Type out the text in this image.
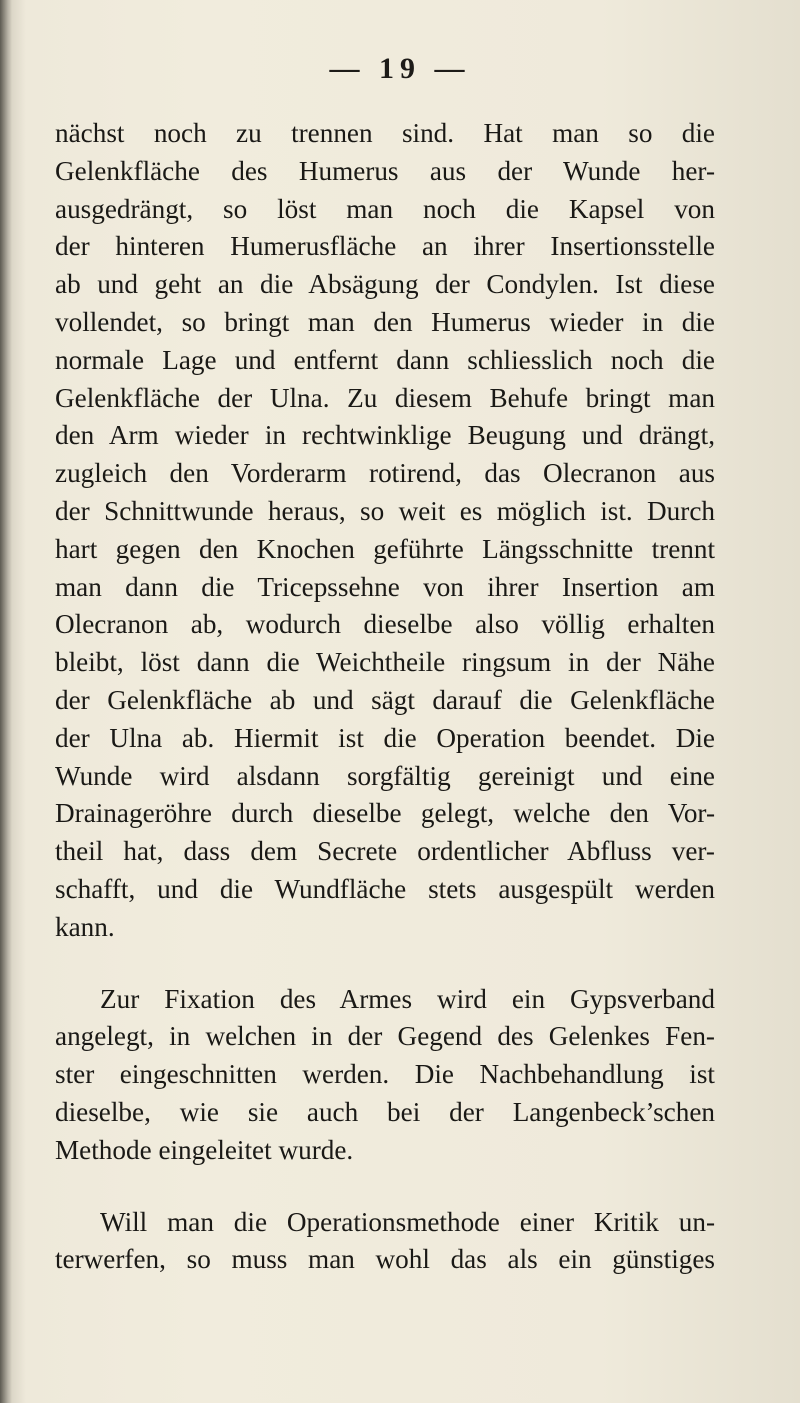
— 19 —
nächst noch zu trennen sind. Hat man so die
Gelenkfläche des Humerus aus der Wunde her-
ausgedrängt, so löst man noch die Kapsel von
der hinteren Humerusfläche an ihrer Insertionsstelle
ab und geht an die Absägung der Condylen. Ist diese
vollendet, so bringt man den Humerus wieder in die
normale Lage und entfernt dann schliesslich noch die
Gelenkfläche der Ulna. Zu diesem Behufe bringt man
den Arm wieder in rechtwinklige Beugung und drängt,
zugleich den Vorderarm rotirend, das Olecranon aus
der Schnittwunde heraus, so weit es möglich ist. Durch
hart gegen den Knochen geführte Längsschnitte trennt
man dann die Tricepssehne von ihrer Insertion am
Olecranon ab, wodurch dieselbe also völlig erhalten
bleibt, löst dann die Weichtheile ringsum in der Nähe
der Gelenkfläche ab und sägt darauf die Gelenkfläche
der Ulna ab. Hiermit ist die Operation beendet. Die
Wunde wird alsdann sorgfältig gereinigt und eine
Drainageröhre durch dieselbe gelegt, welche den Vor-
theil hat, dass dem Secrete ordentlicher Abfluss ver-
schafft, und die Wundfläche stets ausgespült werden
kann.
Zur Fixation des Armes wird ein Gypsverband
angelegt, in welchen in der Gegend des Gelenkes Fen-
ster eingeschnitten werden. Die Nachbehandlung ist
dieselbe, wie sie auch bei der Langenbeck’schen
Methode eingeleitet wurde.
Will man die Operationsmethode einer Kritik un-
terwerfen, so muss man wohl das als ein günstiges
